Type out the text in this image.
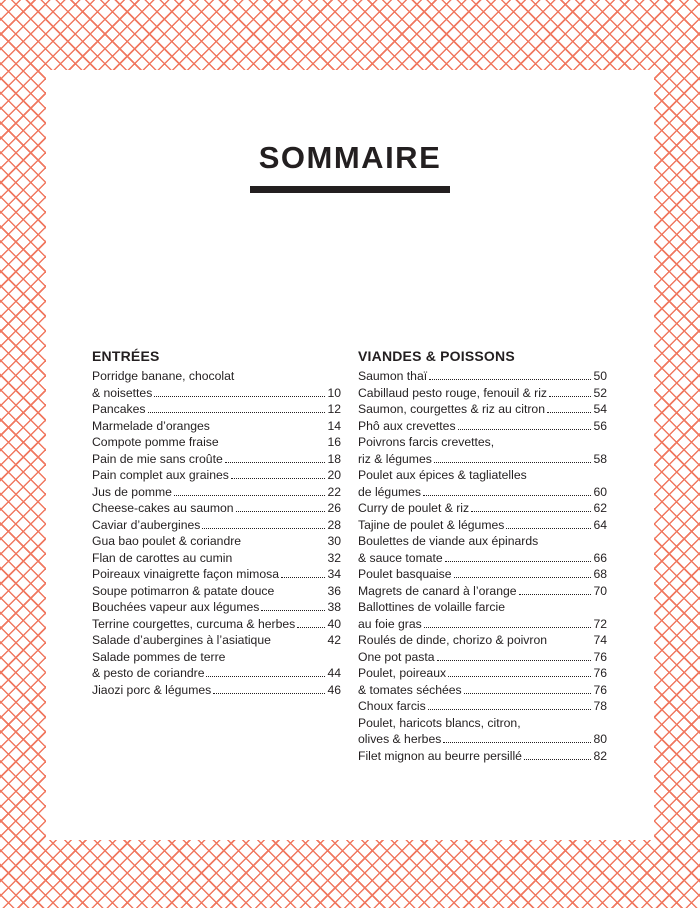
SOMMAIRE
ENTRÉES
Porridge banane, chocolat
& noisettes	10
Pancakes	12
Marmelade d’oranges	14
Compote pomme fraise	16
Pain de mie sans croûte	18
Pain complet aux graines	20
Jus de pomme	22
Cheese-cakes au saumon	26
Caviar d’aubergines	28
Gua bao poulet & coriandre	30
Flan de carottes au cumin	32
Poireaux vinaigrette façon mimosa	34
Soupe potimarron & patate douce	36
Bouchées vapeur aux légumes	38
Terrine courgettes, curcuma & herbes	40
Salade d’aubergines à l’asiatique	42
Salade pommes de terre
& pesto de coriandre	44
Jiaozi porc & légumes	46
VIANDES & POISSONS
Saumon thaï	50
Cabillaud pesto rouge, fenouil & riz	52
Saumon, courgettes & riz au citron	54
Phô aux crevettes	56
Poivrons farcis crevettes,
riz & légumes	58
Poulet aux épices & tagliatelles
de légumes	60
Curry de poulet & riz	62
Tajine de poulet & légumes	64
Boulettes de viande aux épinards
& sauce tomate	66
Poulet basquaise	68
Magrets de canard à l’orange	70
Ballottines de volaille farcie
au foie gras	72
Roulés de dinde, chorizo & poivron	74
One pot pasta	76
Poulet, poireaux	76
& tomates séchées	76
Choux farcis	78
Poulet, haricots blancs, citron,
olives & herbes	80
Filet mignon au beurre persillé	82
